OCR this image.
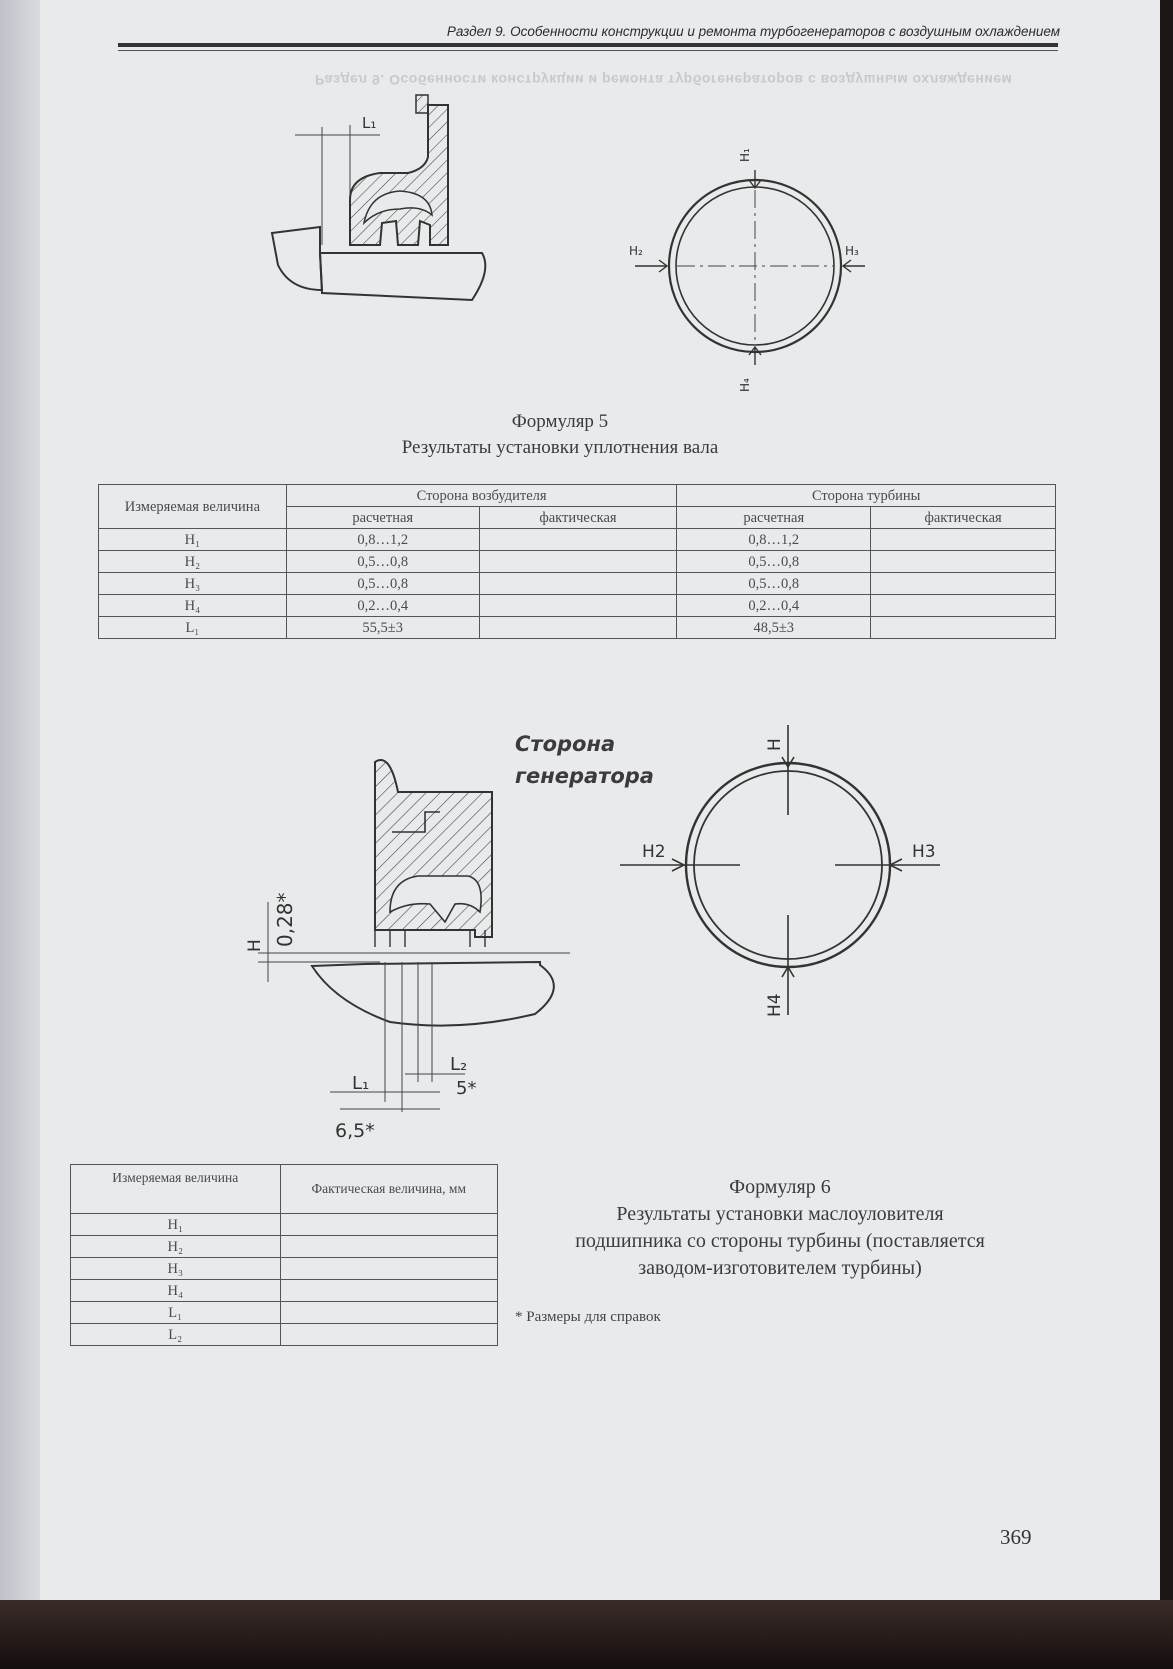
Раздел 9. Особенности конструкции и ремонта турбогенераторов с воздушным охлаждением
Раздел 9. Особенности конструкции и ремонта турбогенераторов с воздушным охлаждением
L₁
H₁
H₂	H₃
H₄
Формуляр 5
Результаты установки уплотнения вала
Измеряемая величина	Сторона возбудителя		Сторона турбины	
	расчетная	фактическая	расчетная	фактическая
H₁	0,8…1,2		0,8…1,2	
H₂	0,5…0,8		0,5…0,8	
H₃	0,5…0,8		0,5…0,8	
H₄	0,2…0,4		0,2…0,4	
L₁	55,5±3		48,5±3	
Сторона
генератора
H 0,28*
L₁
L₂
5*
6,5*
H
H2	H3
H4
Измеряемая величина	Фактическая величина, мм
H₁	
H₂	
H₃	
H₄	
L₁	
L₂	
Формуляр 6
Результаты установки маслоуловителя
подшипника со стороны турбины (поставляется
заводом-изготовителем турбины)
* Размеры для справок
369
